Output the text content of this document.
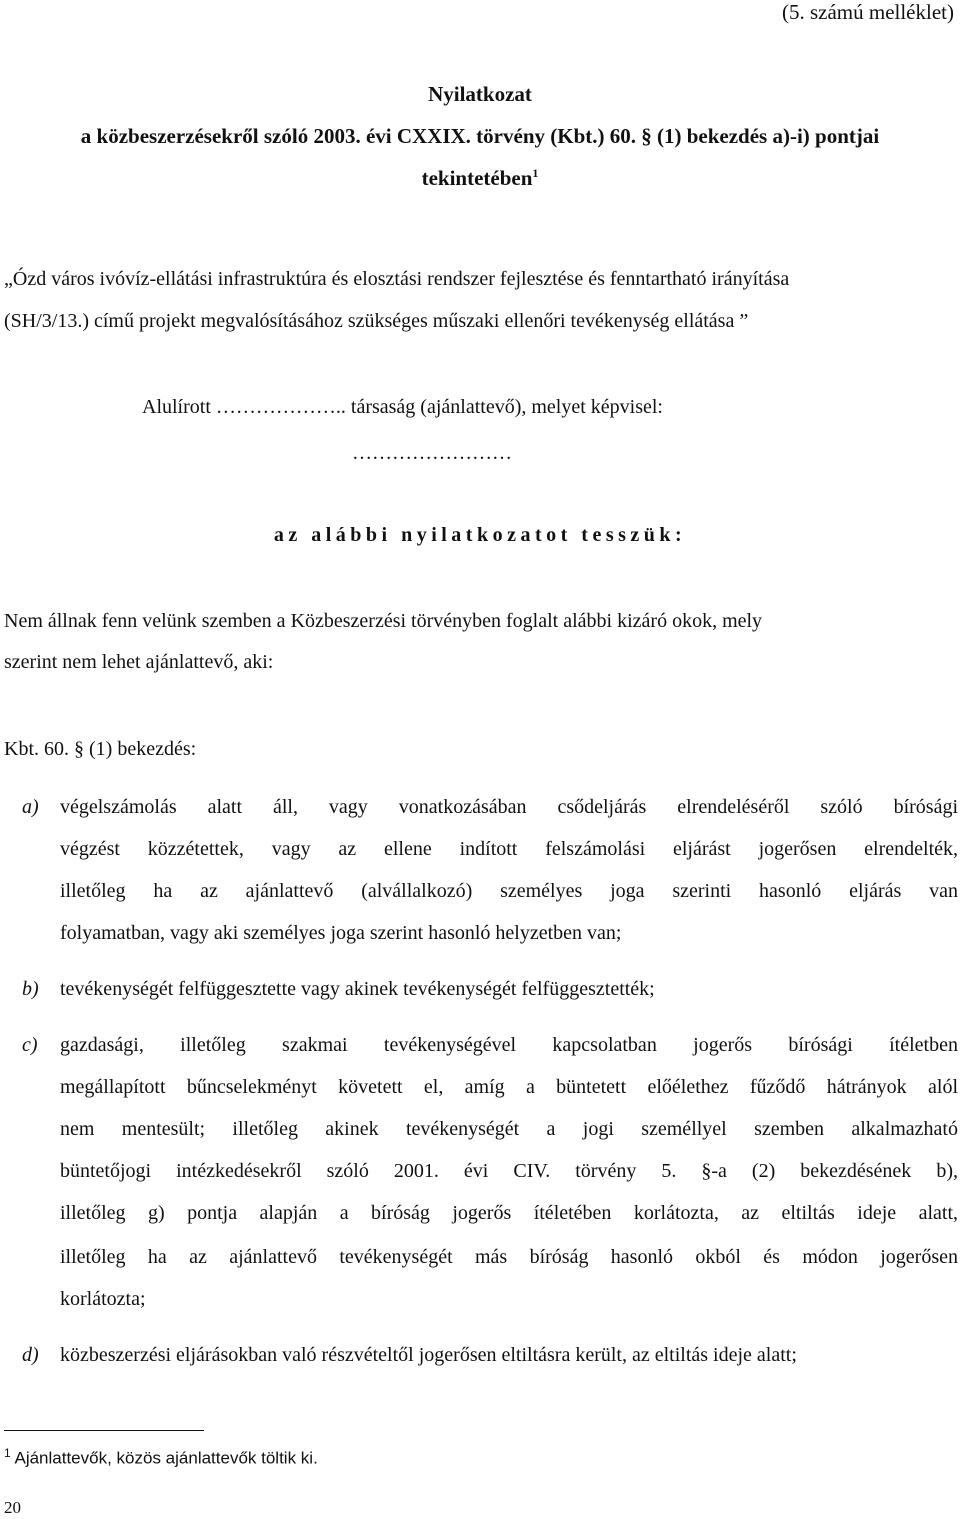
(5. számú melléklet)
Nyilatkozat
a közbeszerzésekről szóló 2003. évi CXXIX. törvény (Kbt.) 60. § (1) bekezdés a)-i) pontjai
tekintetében$^1$
„Ózd város ivóvíz-ellátási infrastruktúra és elosztási rendszer fejlesztése és fenntartható irányítása
(SH/3/13.) című projekt megvalósításához szükséges műszaki ellenőri tevékenység ellátása ”
Alulírott ……………….. társaság (ajánlattevő), melyet képvisel:
……………………
az alábbi nyilatkozatot tesszük:
Nem állnak fenn velünk szemben a Közbeszerzési törvényben foglalt alábbi kizáró okok, mely
szerint nem lehet ajánlattevő, aki:
Kbt. 60. § (1) bekezdés:
a) végelszámolás alatt áll, vagy vonatkozásában csődeljárás elrendeléséről szóló bírósági
végzést közzétettek, vagy az ellene indított felszámolási eljárást jogerősen elrendelték,
illetőleg ha az ajánlattevő (alvállalkozó) személyes joga szerinti hasonló eljárás van
folyamatban, vagy aki személyes joga szerint hasonló helyzetben van;
b) tevékenységét felfüggesztette vagy akinek tevékenységét felfüggesztették;
c) gazdasági, illetőleg szakmai tevékenységével kapcsolatban jogerős bírósági ítéletben
megállapított bűncselekményt követett el, amíg a büntetett előélethez fűződő hátrányok alól
nem mentesült; illetőleg akinek tevékenységét a jogi személlyel szemben alkalmazható
büntetőjogi intézkedésekről szóló 2001. évi CIV. törvény 5. §-a (2) bekezdésének b),
illetőleg g) pontja alapján a bíróság jogerős ítéletében korlátozta, az eltiltás ideje alatt,
illetőleg ha az ajánlattevő tevékenységét más bíróság hasonló okból és módon jogerősen
korlátozta;
d) közbeszerzési eljárásokban való részvételtől jogerősen eltiltásra került, az eltiltás ideje alatt;
$^1$ Ajánlattevők, közös ajánlattevők töltik ki.
20
